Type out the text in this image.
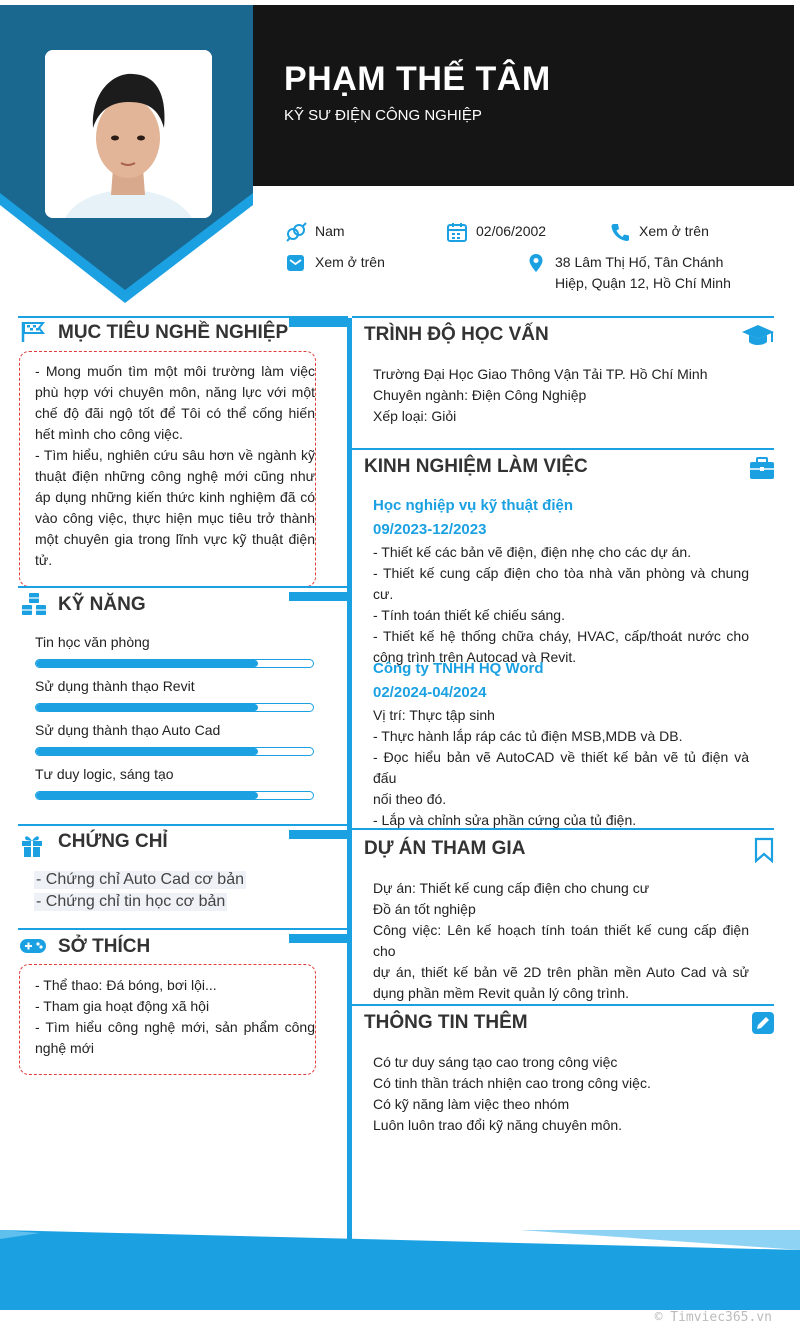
PHẠM THẾ TÂM
KỸ SƯ ĐIỆN CÔNG NGHIỆP
Nam	02/06/2002	Xem ở trên
Xem ở trên	38 Lâm Thị Hố, Tân Chánh
Hiệp, Quận 12, Hồ Chí Minh
MỤC TIÊU NGHỀ NGHIỆP
- Mong muốn tìm một môi trường làm việc
phù hợp với chuyên môn, năng lực với một
chế độ đãi ngộ tốt để Tôi có thể cống hiến
hết mình cho công việc.
- Tìm hiểu, nghiên cứu sâu hơn về ngành kỹ
thuật điện những công nghệ mới cũng như
áp dụng những kiến thức kinh nghiệm đã có
vào công việc, thực hiện mục tiêu trở thành
một chuyên gia trong lĩnh vực kỹ thuật điện
tử.
KỸ NĂNG
Tin học văn phòng
Sử dụng thành thạo Revit
Sử dụng thành thạo Auto Cad
Tư duy logic, sáng tạo
CHỨNG CHỈ
- Chứng chỉ Auto Cad cơ bản
- Chứng chỉ tin học cơ bản
SỞ THÍCH
- Thể thao: Đá bóng, bơi lội...
- Tham gia hoạt động xã hội
- Tìm hiểu công nghệ mới, sản phẩm công
nghệ mới
TRÌNH ĐỘ HỌC VẤN
Trường Đại Học Giao Thông Vận Tải TP. Hồ Chí Minh
Chuyên ngành: Điện Công Nghiệp
Xếp loại: Giỏi
KINH NGHIỆM LÀM VIỆC
Học nghiệp vụ kỹ thuật điện
09/2023-12/2023
- Thiết kế các bản vẽ điện, điện nhẹ cho các dự án.
- Thiết kế cung cấp điện cho tòa nhà văn phòng và chung cư.
- Tính toán thiết kế chiếu sáng.
- Thiết kế hệ thống chữa cháy, HVAC, cấp/thoát nước cho
công trình trên Autocad và Revit.
Công ty TNHH HQ Word
02/2024-04/2024
Vị trí: Thực tập sinh
- Thực hành lắp ráp các tủ điện MSB,MDB và DB.
- Đọc hiểu bản vẽ AutoCAD về thiết kế bản vẽ tủ điện và đấu
nối theo đó.
- Lắp và chỉnh sửa phần cứng của tủ điện.
DỰ ÁN THAM GIA
Dự án: Thiết kế cung cấp điện cho chung cư
Đồ án tốt nghiệp
Công việc: Lên kế hoạch tính toán thiết kế cung cấp điện cho
dự án, thiết kế bản vẽ 2D trên phần mền Auto Cad và sử
dụng phần mềm Revit quản lý công trình.
THÔNG TIN THÊM
Có tư duy sáng tạo cao trong công việc
Có tinh thần trách nhiện cao trong công việc.
Có kỹ năng làm việc theo nhóm
Luôn luôn trao đổi kỹ năng chuyên môn.
© Timviec365.vn
